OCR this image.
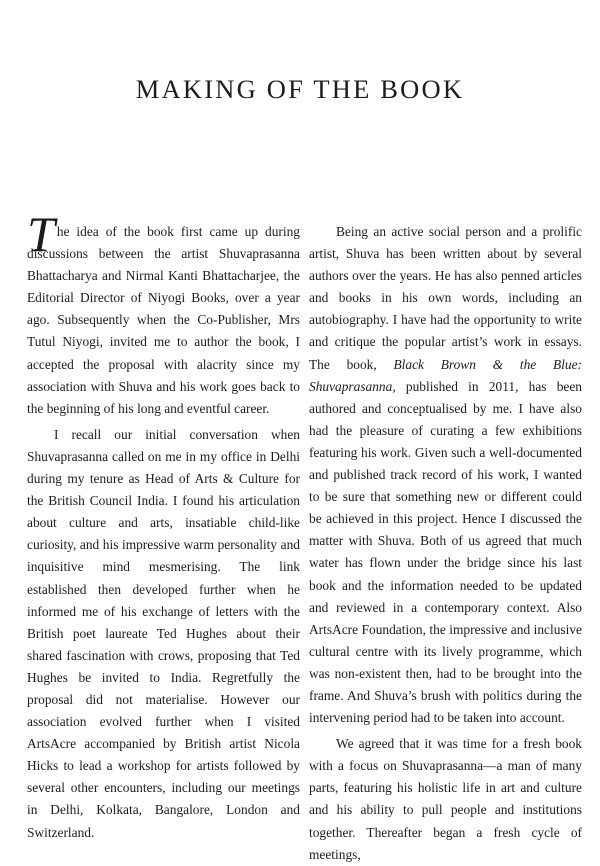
MAKING OF THE BOOK

The idea of the book first came up during discussions between the artist Shuvaprasanna Bhattacharya and Nirmal Kanti Bhattacharjee, the Editorial Director of Niyogi Books, over a year ago. Subsequently when the Co-Publisher, Mrs Tutul Niyogi, invited me to author the book, I accepted the proposal with alacrity since my association with Shuva and his work goes back to the beginning of his long and eventful career.

I recall our initial conversation when Shuvaprasanna called on me in my office in Delhi during my tenure as Head of Arts & Culture for the British Council India. I found his articulation about culture and arts, insatiable child-like curiosity, and his impressive warm personality and inquisitive mind mesmerising. The link established then developed further when he informed me of his exchange of letters with the British poet laureate Ted Hughes about their shared fascination with crows, proposing that Ted Hughes be invited to India. Regretfully the proposal did not materialise. However our association evolved further when I visited ArtsAcre accompanied by British artist Nicola Hicks to lead a workshop for artists followed by several other encounters, including our meetings in Delhi, Kolkata, Bangalore, London and Switzerland.

Being an active social person and a prolific artist, Shuva has been written about by several authors over the years. He has also penned articles and books in his own words, including an autobiography. I have had the opportunity to write and critique the popular artist’s work in essays. The book, Black Brown & the Blue: Shuvaprasanna, published in 2011, has been authored and conceptualised by me. I have also had the pleasure of curating a few exhibitions featuring his work. Given such a well-documented and published track record of his work, I wanted to be sure that something new or different could be achieved in this project. Hence I discussed the matter with Shuva. Both of us agreed that much water has flown under the bridge since his last book and the information needed to be updated and reviewed in a contemporary context. Also ArtsAcre Foundation, the impressive and inclusive cultural centre with its lively programme, which was non-existent then, had to be brought into the frame. And Shuva’s brush with politics during the intervening period had to be taken into account.

We agreed that it was time for a fresh book with a focus on Shuvaprasanna—a man of many parts, featuring his holistic life in art and culture and his ability to pull people and institutions together. Thereafter began a fresh cycle of meetings,
